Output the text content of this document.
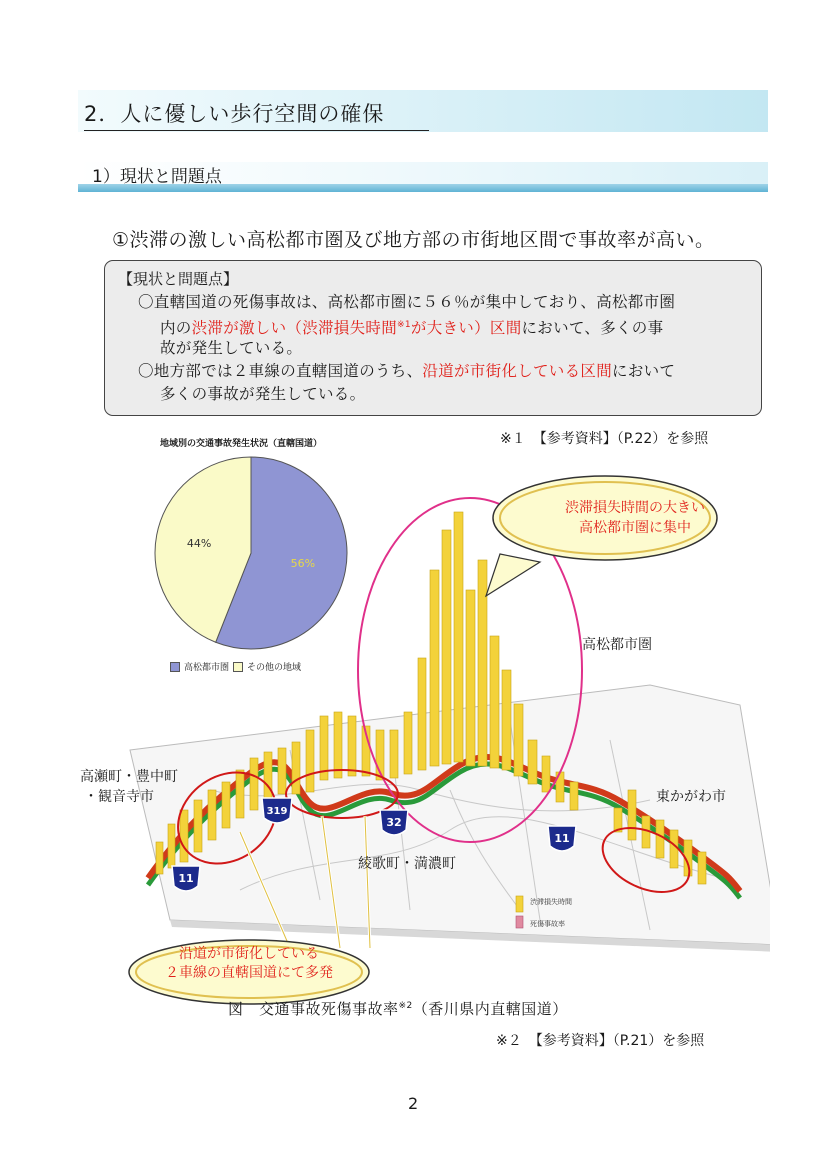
2．人に優しい歩行空間の確保
1）現状と問題点
①渋滞の激しい高松都市圏及び地方部の市街地区間で事故率が高い。
【現状と問題点】
〇直轄国道の死傷事故は、高松都市圏に５６％が集中しており、高松都市圏
内の渋滞が激しい（渋滞損失時間$^{※1}$が大きい）区間において、多くの事
故が発生している。
〇地方部では２車線の直轄国道のうち、沿道が市街化している区間において
多くの事故が発生している。
※１　【参考資料】（P.22）を参照
地域別の交通事故発生状況（直轄国道）
56%
44%
高松都市圏 その他の地域
11
319
32
11
渋滞損失時間
死傷事故率
高松都市圏
高瀬町・豊中町
・観音寺市
綾歌町・満濃町
東かがわ市
渋滞損失時間の大きい
高松都市圏に集中
沿道が市街化している
２車線の直轄国道にて多発
図　交通事故死傷事故率$^{※2}$（香川県内直轄国道）
※２　【参考資料】（P.21）を参照
2
